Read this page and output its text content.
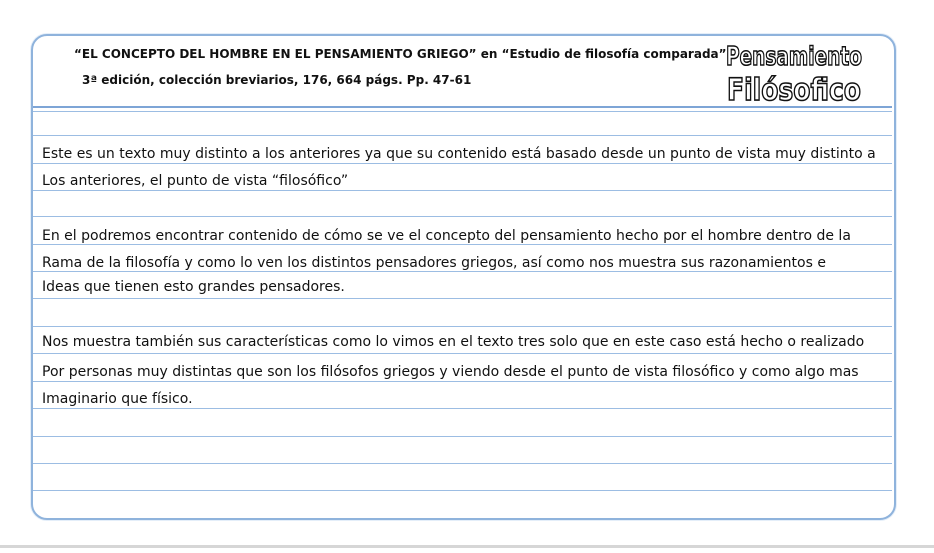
“EL CONCEPTO DEL HOMBRE EN EL PENSAMIENTO GRIEGO” en “Estudio de filosofía comparada”
3ª edición, colección breviarios, 176, 664 págs. Pp. 47-61
Pensamiento
Filósofico
Este es un texto muy distinto a los anteriores ya que su contenido está basado desde un punto de vista muy distinto a
Los anteriores, el punto de vista “filosófico”
En el podremos encontrar contenido de cómo se ve el concepto del pensamiento hecho por el hombre dentro de la
Rama de la filosofía y como lo ven los distintos pensadores griegos, así como nos muestra sus razonamientos e
Ideas que tienen esto grandes pensadores.
Nos muestra también sus características como lo vimos en el texto tres solo que en este caso está hecho o realizado
Por personas muy distintas que son los filósofos griegos y viendo desde el punto de vista filosófico y como algo mas
Imaginario que físico.
